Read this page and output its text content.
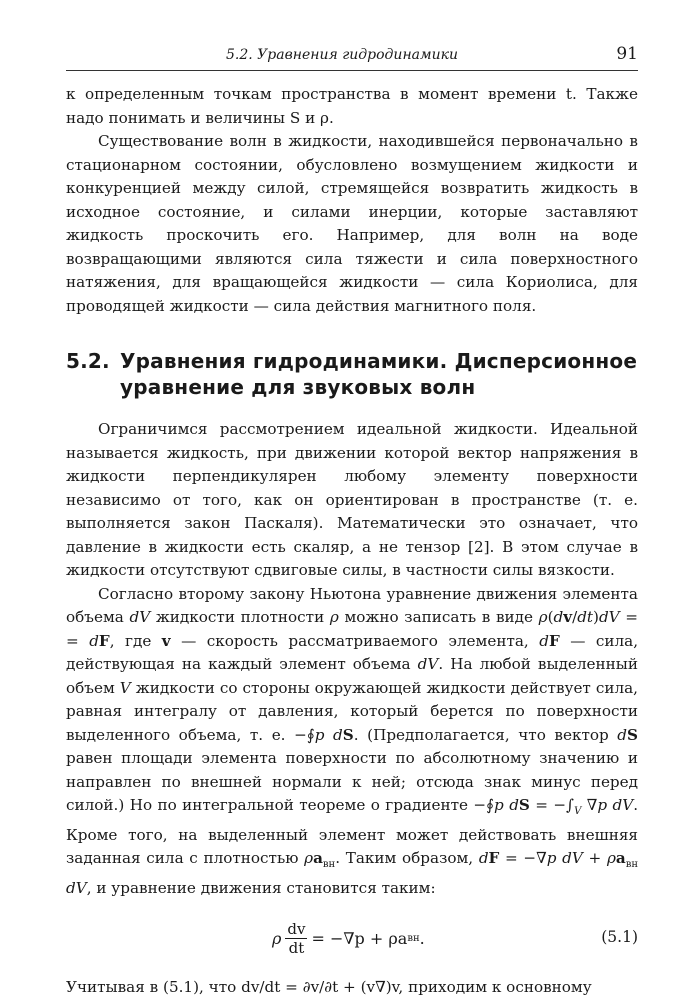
5.2. Уравнения гидродинамики	91

к определенным точкам пространства в момент времени t. Также надо понимать и величины S и ρ.

Существование волн в жидкости, находившейся первоначально в стационарном состоянии, обусловлено возмущением жидкости и конкуренцией между силой, стремящейся возвратить жидкость в исходное состояние, и силами инерции, которые заставляют жидкость проскочить его. Например, для волн на воде возвращающими являются сила тяжести и сила поверхностного натяжения, для вращающейся жидкости — сила Кориолиса, для проводящей жидкости — сила действия магнитного поля.

5.2. Уравнения гидродинамики. Дисперсионное
уравнение для звуковых волн

Ограничимся рассмотрением идеальной жидкости. Идеальной называется жидкость, при движении которой вектор напряжения в жидкости перпендикулярен любому элементу поверхности независимо от того, как он ориентирован в пространстве (т. е. выполняется закон Паскаля). Математически это означает, что давление в жидкости есть скаляр, а не тензор [2]. В этом случае в жидкости отсутствуют сдвиговые силы, в частности силы вязкости.

Согласно второму закону Ньютона уравнение движения элемента объема dV жидкости плотности ρ можно записать в виде ρ(dv/dt)dV = = dF, где v — скорость рассматриваемого элемента, dF — сила, действующая на каждый элемент объема dV. На любой выделенный объем V жидкости со стороны окружающей жидкости действует сила, равная интегралу от давления, который берется по поверхности выделенного объема, т. е. −∮p dS. (Предполагается, что вектор dS равен площади элемента поверхности по абсолютному значению и направлен по внешней нормали к ней; отсюда знак минус перед силой.) Но по интегральной теореме о градиенте −∮p dS = $-\int_V$ ∇p dV. Кроме того, на выделенный элемент может действовать внешняя заданная сила с плотностью $\rho a_{вн}$. Таким образом, dF = −∇p dV + $\rho a_{вн}$ dV, и уравнение движения становится таким:

ρ $\frac{dv}{dt} = -\nabla p + \rho a$ вн .	(5.1)

Учитывая в (5.1), что dv/dt = ∂v/∂t + (v∇)v, приходим к основному
